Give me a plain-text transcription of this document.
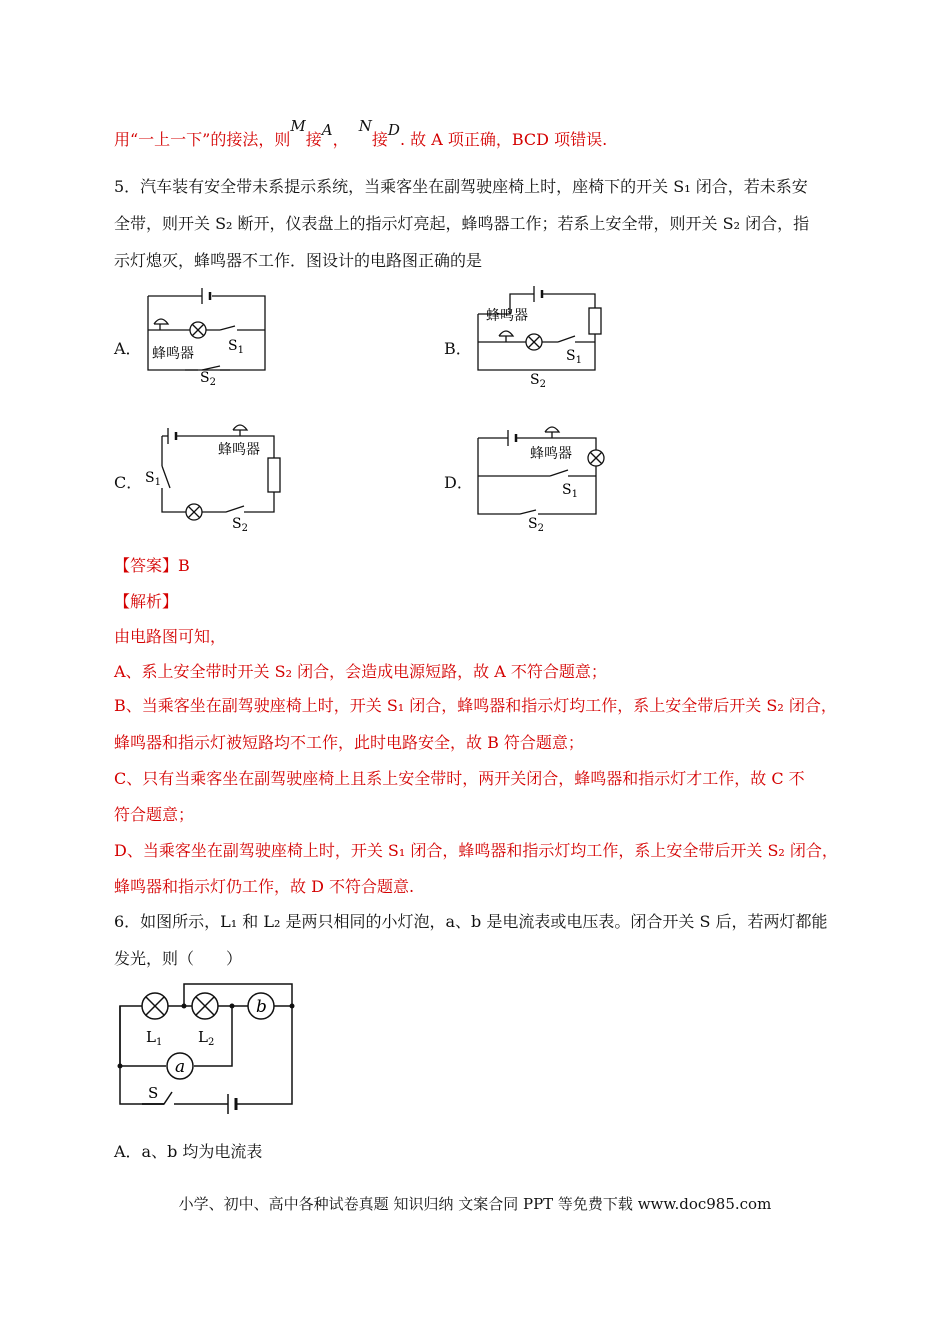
用“一上一下”的接法，则M接A，  N接D. 故 A 项正确，BCD 项错误.
5．汽车装有安全带未系提示系统，当乘客坐在副驾驶座椅上时，座椅下的开关 S₁ 闭合，若未系安
全带，则开关 S₂ 断开，仪表盘上的指示灯亮起，蜂鸣器工作；若系上安全带，则开关 S₂ 闭合，指
示灯熄灭，蜂鸣器不工作．图设计的电路图正确的是
A．	B．
C．	D．
蜂鸣器 $S_1$
$S_2$
蜂鸣器
$S_1$
$S_2$
蜂鸣器
$S_1$
$S_2$
蜂鸣器
$S_1$
$S_2$
【答案】B
【解析】
由电路图可知，
A、系上安全带时开关 S₂ 闭合，会造成电源短路，故 A 不符合题意；
B、当乘客坐在副驾驶座椅上时，开关 S₁ 闭合，蜂鸣器和指示灯均工作，系上安全带后开关 S₂ 闭合，
蜂鸣器和指示灯被短路均不工作，此时电路安全，故 B 符合题意；
C、只有当乘客坐在副驾驶座椅上且系上安全带时，两开关闭合，蜂鸣器和指示灯才工作，故 C 不
符合题意；
D、当乘客坐在副驾驶座椅上时，开关 S₁ 闭合，蜂鸣器和指示灯均工作，系上安全带后开关 S₂ 闭合，
蜂鸣器和指示灯仍工作，故 D 不符合题意.
6．如图所示，L₁ 和 L₂ 是两只相同的小灯泡，a、b 是电流表或电压表。闭合开关 S 后，若两灯都能
发光，则（　　）
b
a
$L_1$ $L_2$
S
A．a、b 均为电流表
小学、初中、高中各种试卷真题 知识归纳 文案合同 PPT 等免费下载 www.doc985.com
